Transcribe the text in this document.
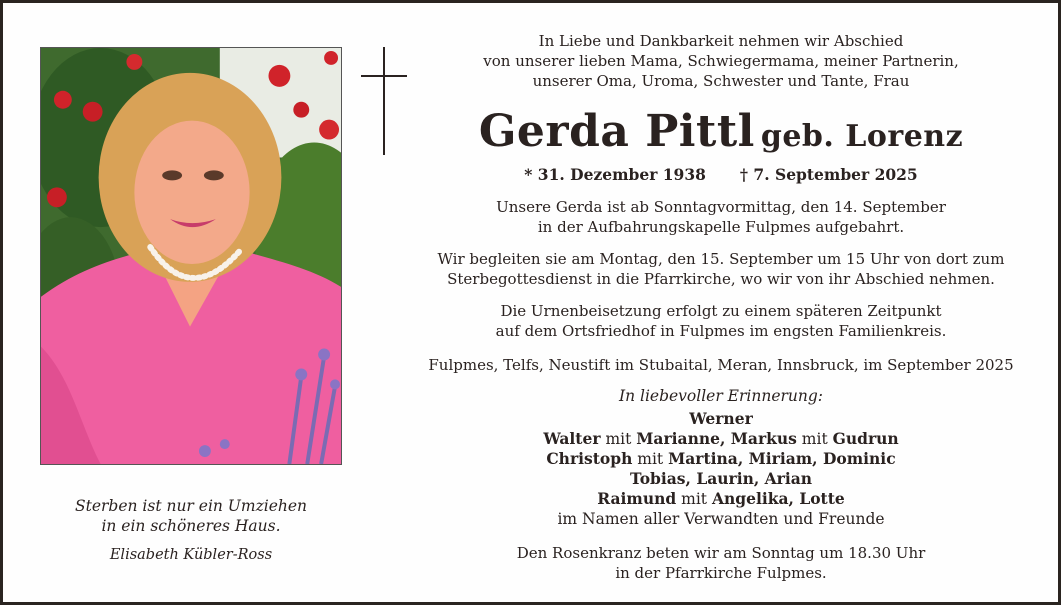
Sterben ist nur ein Umziehen
in ein schöneres Haus.
Elisabeth Kübler-Ross
In Liebe und Dankbarkeit nehmen wir Abschied
von unserer lieben Mama, Schwiegermama, meiner Partnerin,
unserer Oma, Uroma, Schwester und Tante, Frau
Gerda Pittl geb. Lorenz
* 31. Dezember 1938 † 7. September 2025
Unsere Gerda ist ab Sonntagvormittag, den 14. September
in der Aufbahrungskapelle Fulpmes aufgebahrt.
Wir begleiten sie am Montag, den 15. September um 15 Uhr von dort zum
Sterbegottesdienst in die Pfarrkirche, wo wir von ihr Abschied nehmen.
Die Urnenbeisetzung erfolgt zu einem späteren Zeitpunkt
auf dem Ortsfriedhof in Fulpmes im engsten Familienkreis.
Fulpmes, Telfs, Neustift im Stubaital, Meran, Innsbruck, im September 2025
In liebevoller Erinnerung:
Werner
Walter mit Marianne, Markus mit Gudrun
Christoph mit Martina, Miriam, Dominic
Tobias, Laurin, Arian
Raimund mit Angelika, Lotte
im Namen aller Verwandten und Freunde
Den Rosenkranz beten wir am Sonntag um 18.30 Uhr
in der Pfarrkirche Fulpmes.
